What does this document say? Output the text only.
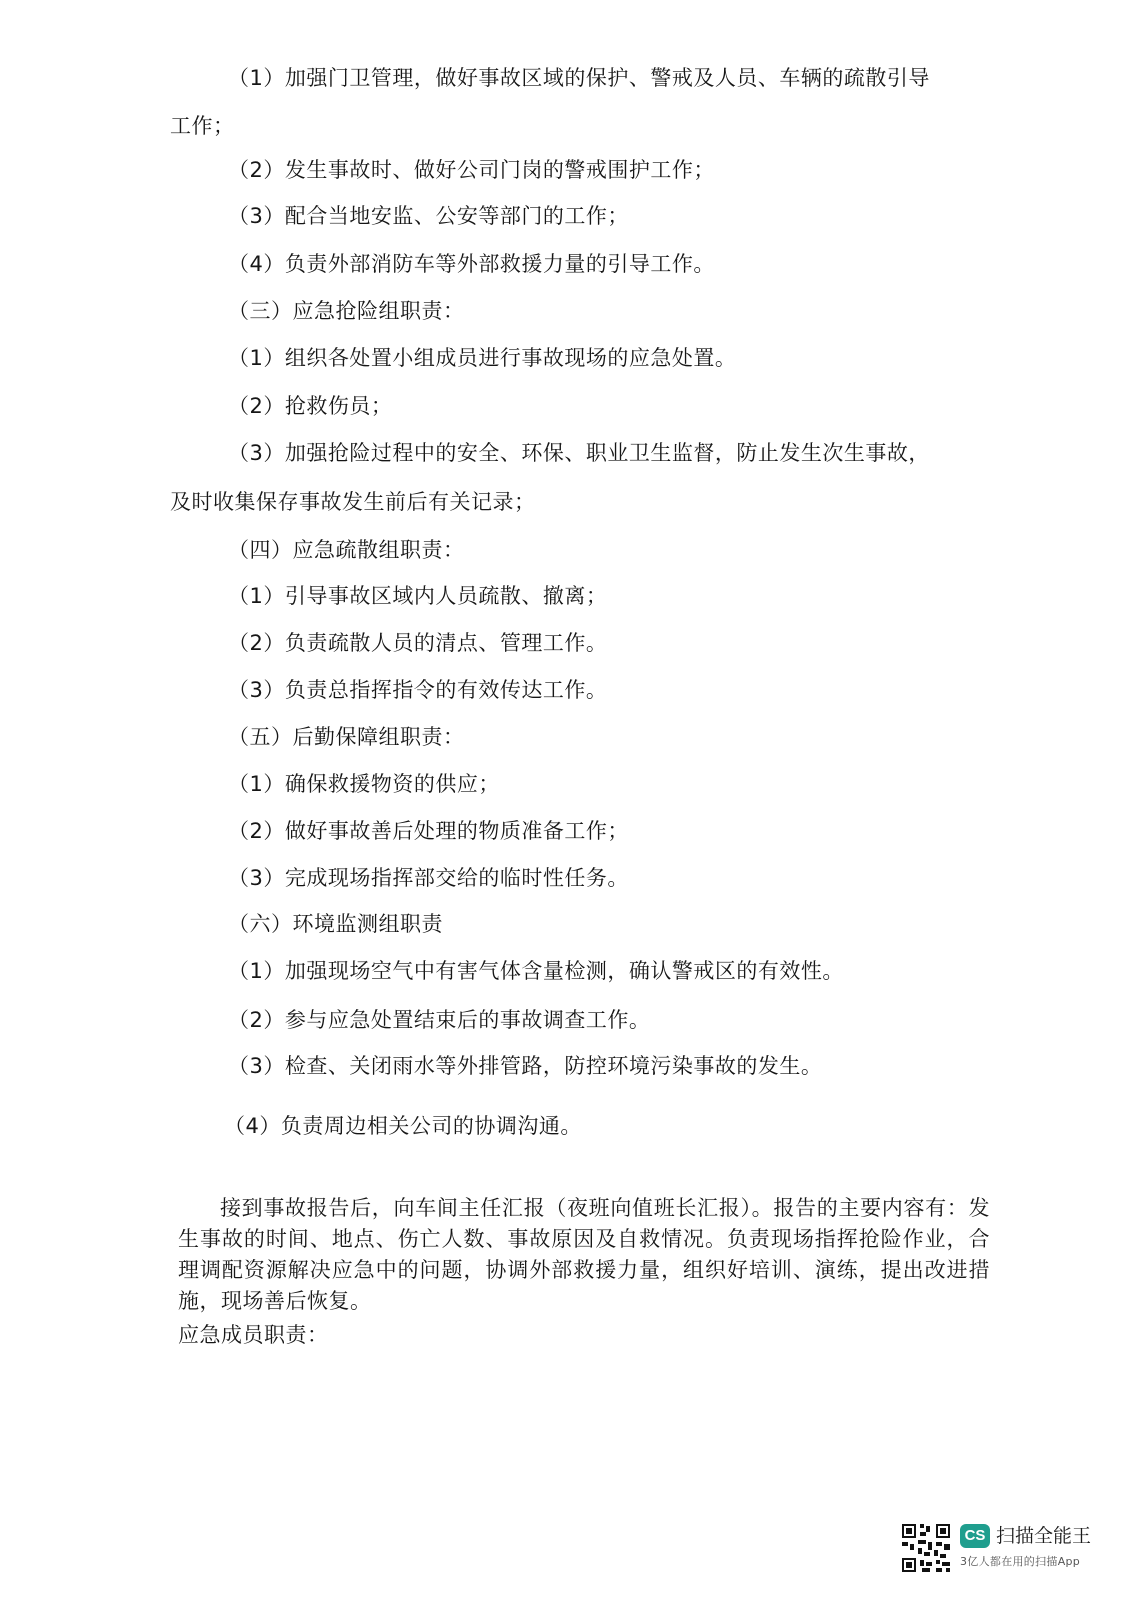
（1）加强门卫管理，做好事故区域的保护、警戒及人员、车辆的疏散引导
工作；
（2）发生事故时、做好公司门岗的警戒围护工作；
（3）配合当地安监、公安等部门的工作；
（4）负责外部消防车等外部救援力量的引导工作。
（三）应急抢险组职责：
（1）组织各处置小组成员进行事故现场的应急处置。
（2）抢救伤员；
（3）加强抢险过程中的安全、环保、职业卫生监督，防止发生次生事故，
及时收集保存事故发生前后有关记录；
（四）应急疏散组职责：
（1）引导事故区域内人员疏散、撤离；
（2）负责疏散人员的清点、管理工作。
（3）负责总指挥指令的有效传达工作。
（五）后勤保障组职责：
（1）确保救援物资的供应；
（2）做好事故善后处理的物质准备工作；
（3）完成现场指挥部交给的临时性任务。
（六）环境监测组职责
（1）加强现场空气中有害气体含量检测，确认警戒区的有效性。
（2）参与应急处置结束后的事故调查工作。
（3）检查、关闭雨水等外排管路，防控环境污染事故的发生。
（4）负责周边相关公司的协调沟通。
接到事故报告后，向车间主任汇报（夜班向值班长汇报）。报告的主要内容有：发生事故的时间、地点、伤亡人数、事故原因及自救情况。负责现场指挥抢险作业，合理调配资源解决应急中的问题，协调外部救援力量，组织好培训、演练，提出改进措施，现场善后恢复。
应急成员职责：
CS 扫描全能王
3亿人都在用的扫描App
